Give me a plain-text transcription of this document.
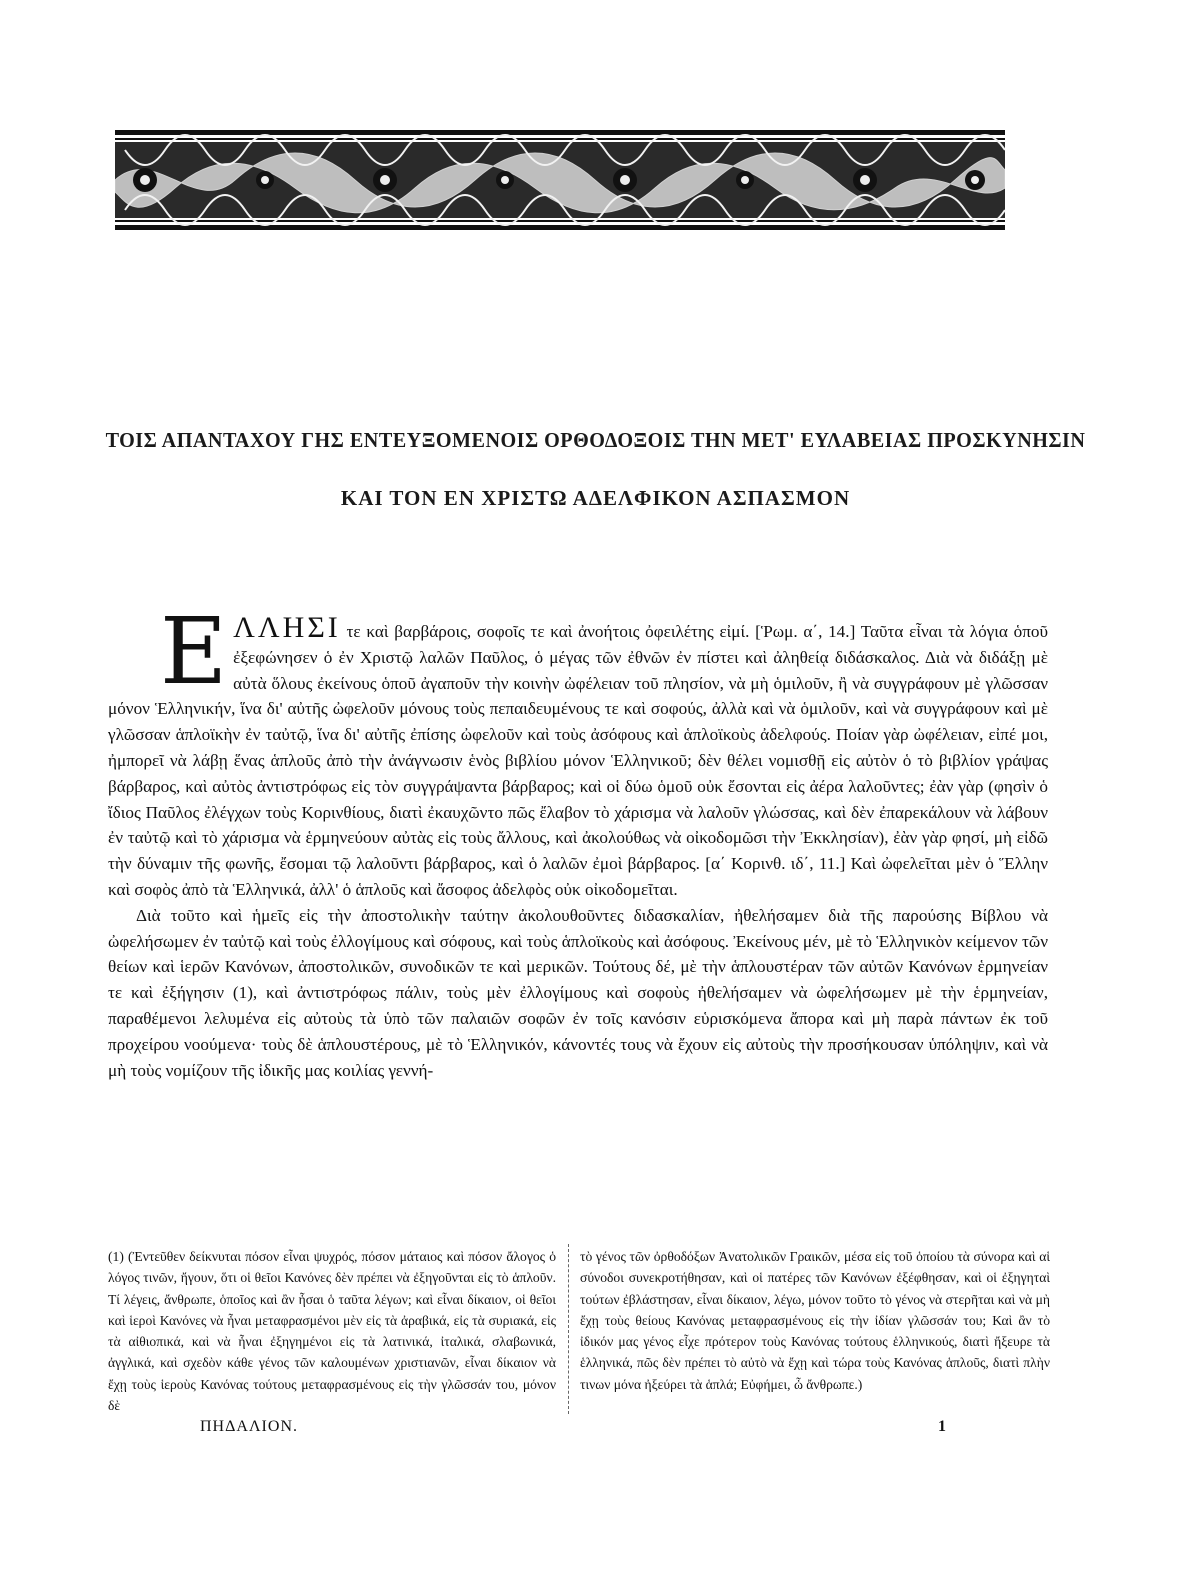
ΤΟΙΣ ΑΠΑΝΤΑΧΟΥ ΓΗΣ ΕΝΤΕΥΞΟΜΕΝΟΙΣ ΟΡΘΟΔΟΞΟΙΣ ΤΗΝ ΜΕΤ' ΕΥΛΑΒΕΙΑΣ ΠΡΟΣΚΥΝΗΣΙΝ
ΚΑΙ ΤΟΝ ΕΝ ΧΡΙΣΤΩ ΑΔΕΛΦΙΚΟΝ ΑΣΠΑΣΜΟΝ

ΕΛΛΗΣΙ τε καὶ βαρβάροις, σοφοῖς τε καὶ ἀνοήτοις ὀφειλέτης εἰμί. [Ῥωμ. α΄, 14.] Ταῦτα εἶναι τὰ λόγια ὁποῦ ἐξεφώνησεν ὁ ἐν Χριστῷ λαλῶν Παῦλος, ὁ μέγας τῶν ἐθνῶν ἐν πίστει καὶ ἀληθείᾳ διδάσκαλος. Διὰ νὰ διδάξῃ μὲ αὐτὰ ὅλους ἐκείνους ὁποῦ ἀγαποῦν τὴν κοινὴν ὠφέλειαν τοῦ πλησίον, νὰ μὴ ὁμιλοῦν, ἢ νὰ συγγράφουν μὲ γλῶσσαν μόνον Ἑλληνικήν, ἵνα δι' αὐτῆς ὠφελοῦν μόνους τοὺς πεπαιδευμένους τε καὶ σοφούς, ἀλλὰ καὶ νὰ ὁμιλοῦν, καὶ νὰ συγγράφουν καὶ μὲ γλῶσσαν ἁπλοϊκὴν ἐν ταὐτῷ, ἵνα δι' αὐτῆς ἐπίσης ὠφελοῦν καὶ τοὺς ἀσόφους καὶ ἁπλοϊκοὺς ἀδελφούς. Ποίαν γὰρ ὠφέλειαν, εἰπέ μοι, ἠμπορεῖ νὰ λάβῃ ἕνας ἁπλοῦς ἀπὸ τὴν ἀνάγνωσιν ἑνὸς βιβλίου μόνον Ἑλληνικοῦ; δὲν θέλει νομισθῇ εἰς αὐτὸν ὁ τὸ βιβλίον γράψας βάρβαρος, καὶ αὐτὸς ἀντιστρόφως εἰς τὸν συγγράψαντα βάρβαρος; καὶ οἱ δύω ὁμοῦ οὐκ ἔσονται εἰς ἀέρα λαλοῦντες; ἐὰν γὰρ (φησὶν ὁ ἴδιος Παῦλος ἐλέγχων τοὺς Κορινθίους, διατὶ ἐκαυχῶντο πῶς ἔλαβον τὸ χάρισμα νὰ λαλοῦν γλώσσας, καὶ δὲν ἐπαρεκάλουν νὰ λάβουν ἐν ταὐτῷ καὶ τὸ χάρισμα νὰ ἑρμηνεύουν αὐτὰς εἰς τοὺς ἄλλους, καὶ ἀκολούθως νὰ οἰκοδομῶσι τὴν Ἐκκλησίαν), ἐὰν γὰρ φησί, μὴ εἰδῶ τὴν δύναμιν τῆς φωνῆς, ἔσομαι τῷ λαλοῦντι βάρβαρος, καὶ ὁ λαλῶν ἐμοὶ βάρβαρος. [α΄ Κορινθ. ιδ΄, 11.] Καὶ ὠφελεῖται μὲν ὁ Ἕλλην καὶ σοφὸς ἀπὸ τὰ Ἑλληνικά, ἀλλ' ὁ ἁπλοῦς καὶ ἄσοφος ἀδελφὸς οὐκ οἰκοδομεῖται.

Διὰ τοῦτο καὶ ἡμεῖς εἰς τὴν ἀποστολικὴν ταύτην ἀκολουθοῦντες διδασκαλίαν, ἠθελήσαμεν διὰ τῆς παρούσης Βίβλου νὰ ὠφελήσωμεν ἐν ταὐτῷ καὶ τοὺς ἐλλογίμους καὶ σόφους, καὶ τοὺς ἁπλοϊκοὺς καὶ ἀσόφους. Ἐκείνους μέν, μὲ τὸ Ἑλληνικὸν κείμενον τῶν θείων καὶ ἱερῶν Κανόνων, ἀποστολικῶν, συνοδικῶν τε καὶ μερικῶν. Τούτους δέ, μὲ τὴν ἁπλουστέραν τῶν αὐτῶν Κανόνων ἑρμηνείαν τε καὶ ἐξήγησιν (1), καὶ ἀντιστρόφως πάλιν, τοὺς μὲν ἐλλογίμους καὶ σοφοὺς ἠθελήσαμεν νὰ ὠφελήσωμεν μὲ τὴν ἑρμηνείαν, παραθέμενοι λελυμένα εἰς αὐτοὺς τὰ ὑπὸ τῶν παλαιῶν σοφῶν ἐν τοῖς κανόσιν εὑρισκόμενα ἄπορα καὶ μὴ παρὰ πάντων ἐκ τοῦ προχείρου νοούμενα· τοὺς δὲ ἁπλουστέρους, μὲ τὸ Ἑλληνικόν, κάνοντές τους νὰ ἔχουν εἰς αὐτοὺς τὴν προσήκουσαν ὑπόληψιν, καὶ νὰ μὴ τοὺς νομίζουν τῆς ἰδικῆς μας κοιλίας γεννή-

(1) (Ἐντεῦθεν δείκνυται πόσον εἶναι ψυχρός, πόσον μάταιος καὶ πόσον ἄλογος ὁ λόγος τινῶν, ἤγουν, ὅτι οἱ θεῖοι Κανόνες δὲν πρέπει νὰ ἐξηγοῦνται εἰς τὸ ἁπλοῦν. Τί λέγεις, ἄνθρωπε, ὁποῖος καὶ ἂν ἦσαι ὁ ταῦτα λέγων; καὶ εἶναι δίκαιον, οἱ θεῖοι καὶ ἱεροὶ Κανόνες νὰ ἦναι μεταφρασμένοι μὲν εἰς τὰ ἀραβικά, εἰς τὰ συριακά, εἰς τὰ αἰθιοπικά, καὶ νὰ ἦναι ἐξηγημένοι εἰς τὰ λατινικά, ἰταλικά, σλαβωνικά, ἀγγλικά, καὶ σχεδὸν κάθε γένος τῶν καλουμένων χριστιανῶν, εἶναι δίκαιον νὰ ἔχῃ τοὺς ἱεροὺς Κανόνας τούτους μεταφρασμένους εἰς τὴν γλῶσσάν του, μόνον δὲ
τὸ γένος τῶν ὀρθοδόξων Ἀνατολικῶν Γραικῶν, μέσα εἰς τοῦ ὁποίου τὰ σύνορα καὶ αἱ σύνοδοι συνεκροτήθησαν, καὶ οἱ πατέρες τῶν Κανόνων ἐξέφθησαν, καὶ οἱ ἐξηγηταὶ τούτων ἐβλάστησαν, εἶναι δίκαιον, λέγω, μόνον τοῦτο τὸ γένος νὰ στερῆται καὶ νὰ μὴ ἔχῃ τοὺς θείους Κανόνας μεταφρασμένους εἰς τὴν ἰδίαν γλῶσσάν του; Καὶ ἂν τὸ ἰδικόν μας γένος εἶχε πρότερον τοὺς Κανόνας τούτους ἑλληνικούς, διατὶ ἤξευρε τὰ ἑλληνικά, πῶς δὲν πρέπει τὸ αὐτὸ νὰ ἔχῃ καὶ τώρα τοὺς Κανόνας ἁπλοῦς, διατὶ πλὴν τινων μόνα ἠξεύρει τὰ ἁπλά; Εὐφήμει, ὦ ἄνθρωπε.)
ΠΗΔΑΛΙΟΝ.	1
